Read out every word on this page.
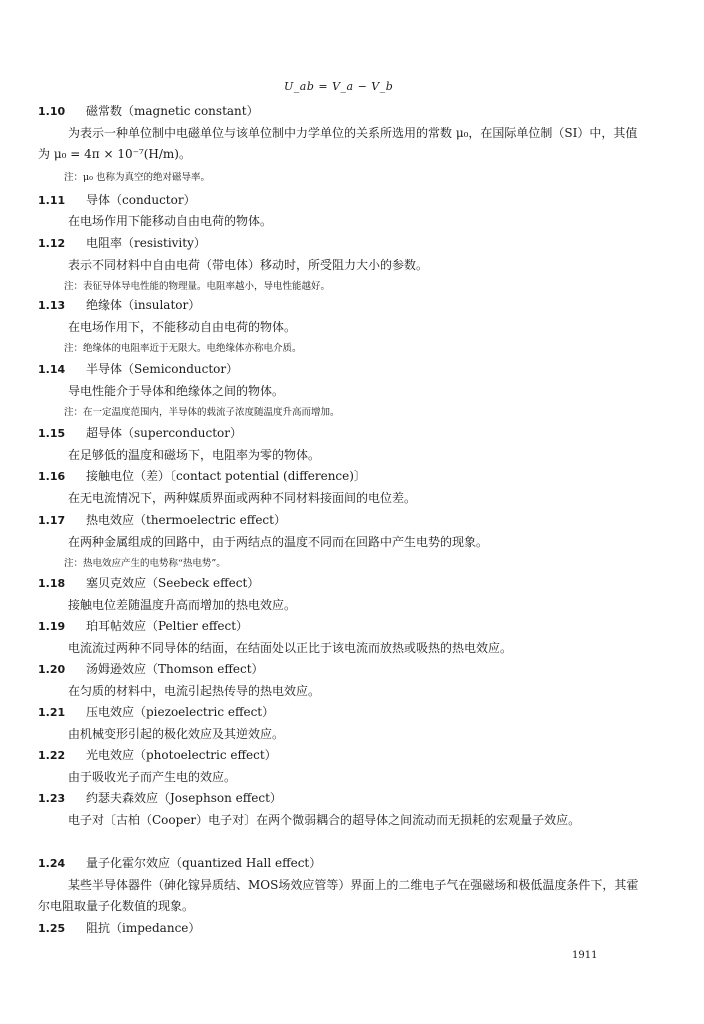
U_ab = V_a − V_b
1.10 磁常数（magnetic constant）
为表示一种单位制中电磁单位与该单位制中力学单位的关系所选用的常数 μ₀，在国际单位制（SI）中，其值为 μ₀ = 4π × 10⁻⁷(H/m)。
注：μ₀ 也称为真空的绝对磁导率。
1.11 导体（conductor）
在电场作用下能移动自由电荷的物体。
1.12 电阻率（resistivity）
表示不同材料中自由电荷（带电体）移动时，所受阻力大小的参数。
注：表征导体导电性能的物理量。电阻率越小，导电性能越好。
1.13 绝缘体（insulator）
在电场作用下，不能移动自由电荷的物体。
注：绝缘体的电阻率近于无限大。电绝缘体亦称电介质。
1.14 半导体（Semiconductor）
导电性能介于导体和绝缘体之间的物体。
注：在一定温度范围内，半导体的载流子浓度随温度升高而增加。
1.15 超导体（superconductor）
在足够低的温度和磁场下，电阻率为零的物体。
1.16 接触电位（差）〔contact potential (difference)〕
在无电流情况下，两种媒质界面或两种不同材料接面间的电位差。
1.17 热电效应（thermoelectric effect）
在两种金属组成的回路中，由于两结点的温度不同而在回路中产生电势的现象。
注：热电效应产生的电势称“热电势”。
1.18 塞贝克效应（Seebeck effect）
接触电位差随温度升高而增加的热电效应。
1.19 珀耳帖效应（Peltier effect）
电流流过两种不同导体的结面，在结面处以正比于该电流而放热或吸热的热电效应。
1.20 汤姆逊效应（Thomson effect）
在匀质的材料中，电流引起热传导的热电效应。
1.21 压电效应（piezoelectric effect）
由机械变形引起的极化效应及其逆效应。
1.22 光电效应（photoelectric effect）
由于吸收光子而产生电的效应。
1.23 约瑟夫森效应（Josephson effect）
电子对〔古柏（Cooper）电子对〕在两个微弱耦合的超导体之间流动而无损耗的宏观量子效应。
1.24 量子化霍尔效应（quantized Hall effect）
某些半导体器件（砷化镓异质结、MOS场效应管等）界面上的二维电子气在强磁场和极低温度条件下，其霍尔电阻取量子化数值的现象。
1.25 阻抗（impedance）
1911
